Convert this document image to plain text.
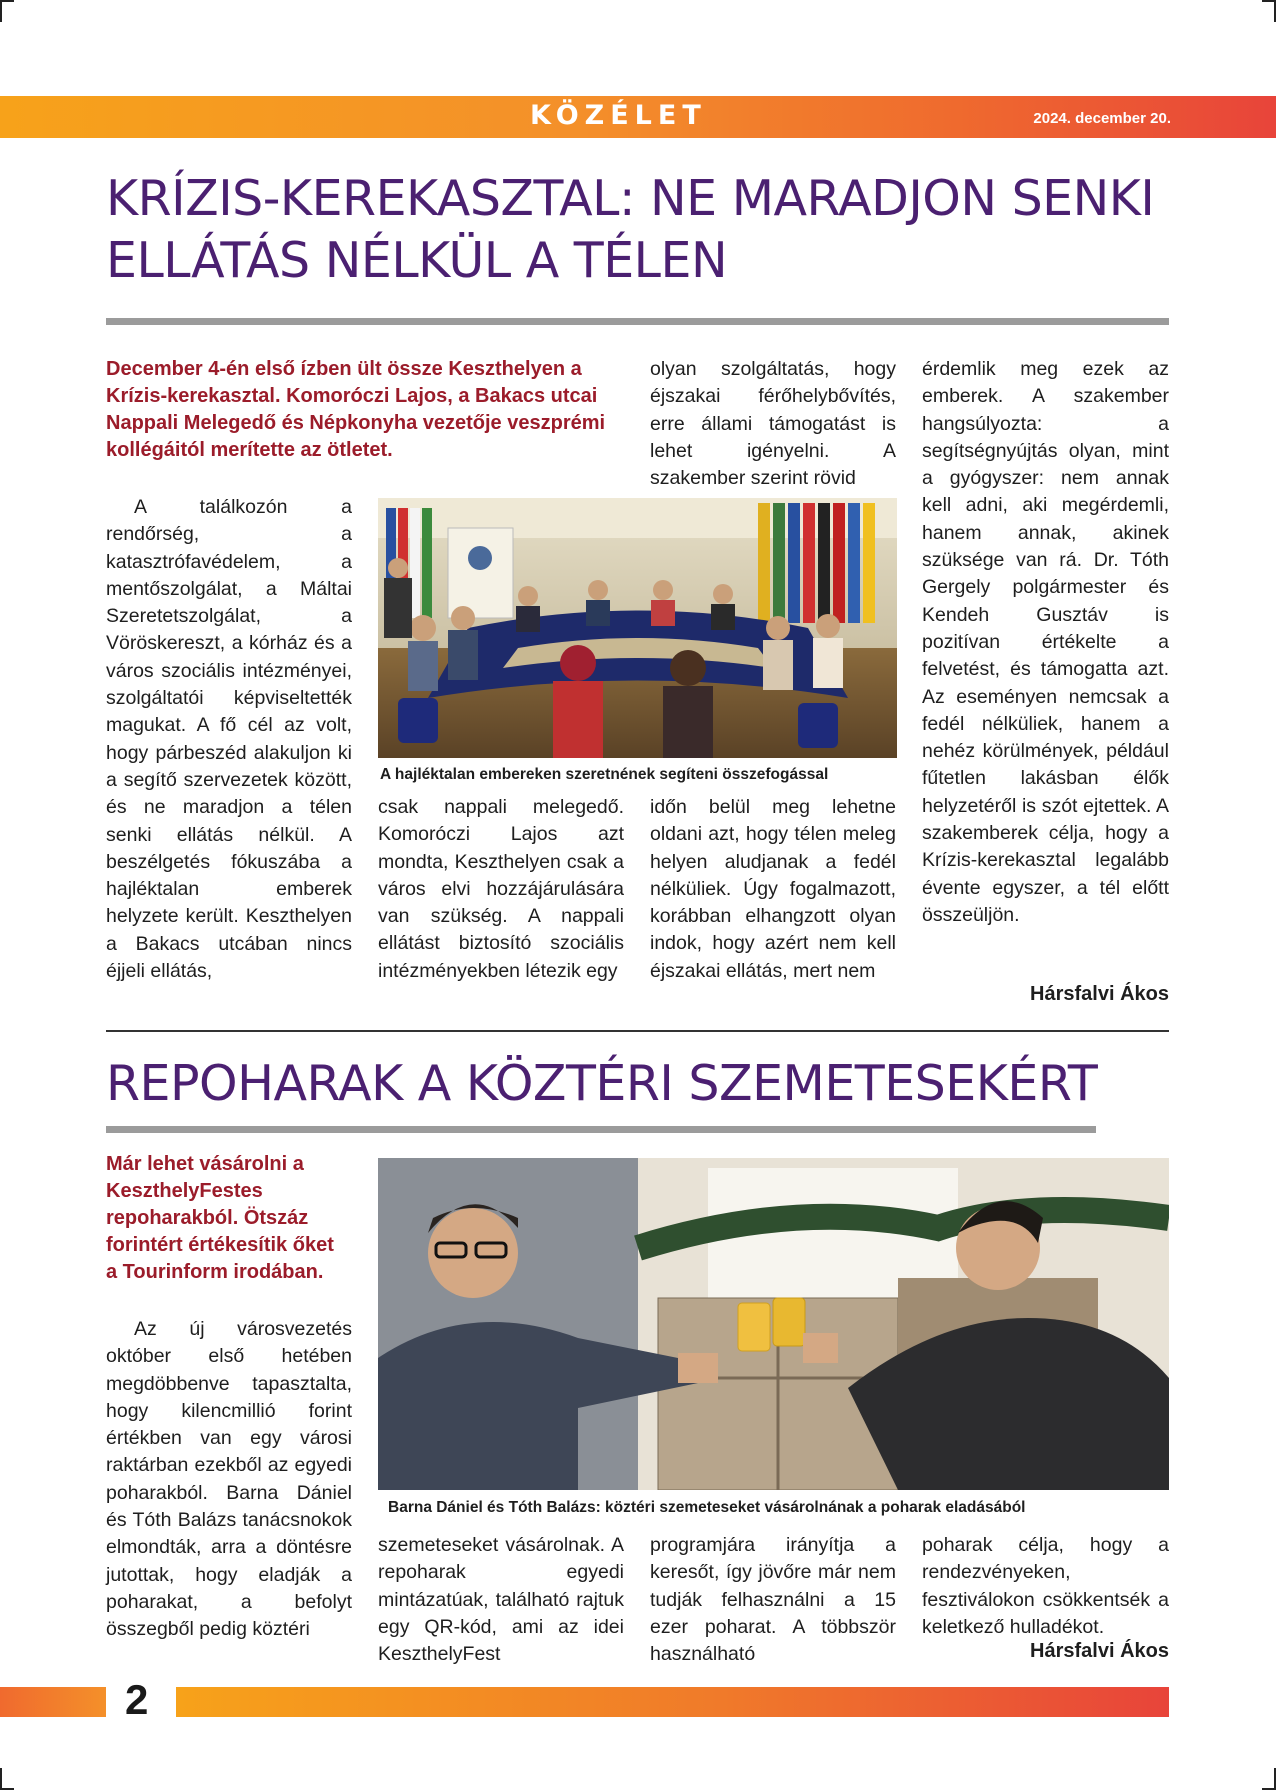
KÖZÉLET	2024. december 20.
KRÍZIS-KEREKASZTAL: NE MARADJON SENKI
ELLÁTÁS NÉLKÜL A TÉLEN
December 4-én első ízben ült össze Keszthelyen a Krízis-kerekasztal. Komoróczi Lajos, a Bakacs utcai Nappali Melegedő és Népkonyha vezetője veszprémi kollégáitól merítette az ötletet.

A találkozón a rendőrség, a katasztrófavédelem, a mentőszolgálat, a Máltai Szeretetszolgálat, a Vöröskereszt, a kórház és a város szociális intézményei, szolgáltatói képviseltették magukat. A fő cél az volt, hogy párbeszéd alakuljon ki a segítő szervezetek között, és ne maradjon a télen senki ellátás nélkül. A beszélgetés fókuszába a hajléktalan emberek helyzete került. Keszthelyen a Bakacs utcában nincs éjjeli ellátás,

olyan szolgáltatás, hogy éjszakai férőhelybővítés, erre állami támogatást is lehet igényelni. A szakember szerint rövid

érdemlik meg ezek az emberek. A szakember hangsúlyozta: a segítségnyújtás olyan, mint a gyógyszer: nem annak kell adni, aki megérdemli, hanem annak, akinek szüksége van rá. Dr. Tóth Gergely polgármester és Kendeh Gusztáv is pozitívan értékelte a felvetést, és támogatta azt. Az eseményen nemcsak a fedél nélküliek, hanem a nehéz körülmények, például fűtetlen lakásban élők helyzetéről is szót ejtettek. A szakemberek célja, hogy a Krízis-kerekasztal legalább évente egyszer, a tél előtt összeüljön.

Hársfalvi Ákos
A hajléktalan embereken szeretnének segíteni összefogással

csak nappali melegedő. Komoróczi Lajos azt mondta, Keszthelyen csak a város elvi hozzájárulására van szükség. A nappali ellátást biztosító szociális intézményekben létezik egy

időn belül meg lehetne oldani azt, hogy télen meleg helyen aludjanak a fedél nélküliek. Úgy fogalmazott, korábban elhangzott olyan indok, hogy azért nem kell éjszakai ellátás, mert nem

REPOHARAK A KÖZTÉRI SZEMETESEKÉRT
Már lehet vásárolni a KeszthelyFestes repoharakból. Ötszáz forintért értékesítik őket a Tourinform irodában.

Az új városvezetés október első hetében megdöbbenve tapasztalta, hogy kilencmillió forint értékben van egy városi raktárban ezekből az egyedi poharakból. Barna Dániel és Tóth Balázs tanácsnokok elmondták, arra a döntésre jutottak, hogy eladják a poharakat, a befolyt összegből pedig köztéri

Barna Dániel és Tóth Balázs: köztéri szemeteseket vásárolnának a poharak eladásából

szemeteseket vásárolnak. A repoharak egyedi mintázatúak, található rajtuk egy QR-kód, ami az idei KeszthelyFest

programjára irányítja a keresőt, így jövőre már nem tudják felhasználni a 15 ezer poharat. A többször használható

poharak célja, hogy a rendezvényeken, fesztiválokon csökkentsék a keletkező hulladékot.

Hársfalvi Ákos
2
